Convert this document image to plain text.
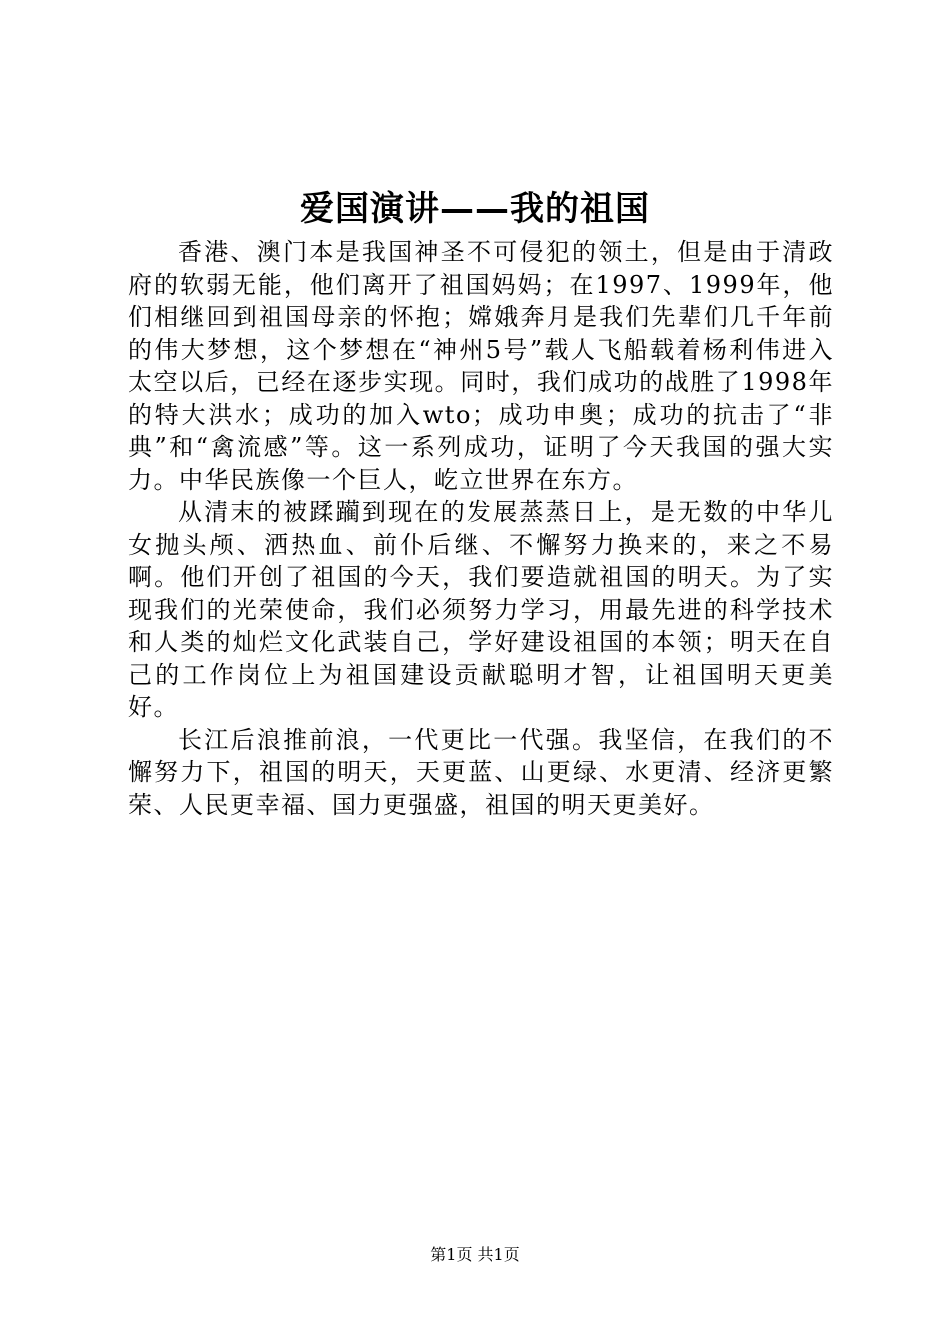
爱国演讲——我的祖国

香港、澳门本是我国神圣不可侵犯的领土，但是由于清政府的软弱无能，他们离开了祖国妈妈；在1997、1999年，他们相继回到祖国母亲的怀抱；嫦娥奔月是我们先辈们几千年前的伟大梦想，这个梦想在“神州5号”载人飞船载着杨利伟进入太空以后，已经在逐步实现。同时，我们成功的战胜了1998年的特大洪水；成功的加入wto；成功申奥；成功的抗击了“非典”和“禽流感”等。这一系列成功，证明了今天我国的强大实力。中华民族像一个巨人，屹立世界在东方。

从清末的被蹂躏到现在的发展蒸蒸日上，是无数的中华儿女抛头颅、洒热血、前仆后继、不懈努力换来的，来之不易啊。他们开创了祖国的今天，我们要造就祖国的明天。为了实现我们的光荣使命，我们必须努力学习，用最先进的科学技术和人类的灿烂文化武装自己，学好建设祖国的本领；明天在自己的工作岗位上为祖国建设贡献聪明才智，让祖国明天更美好。

长江后浪推前浪，一代更比一代强。我坚信，在我们的不懈努力下，祖国的明天，天更蓝、山更绿、水更清、经济更繁荣、人民更幸福、国力更强盛，祖国的明天更美好。

第1页 共1页
